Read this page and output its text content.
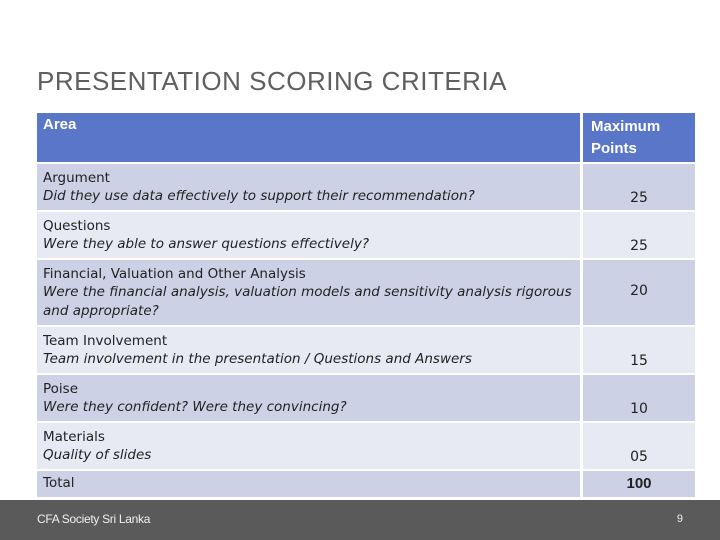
PRESENTATION SCORING CRITERIA
Area	Maximum
Points

Argument
Did they use data effectively to support their recommendation?	25

Questions
Were they able to answer questions effectively?	25

Financial, Valuation and Other Analysis
Were the financial analysis, valuation models and sensitivity analysis rigorous and appropriate?	20

Team Involvement
Team involvement in the presentation / Questions and Answers	15

Poise
Were they confident? Were they convincing?	10

Materials
Quality of slides	05
Total	100
CFA Society Sri Lanka	9
